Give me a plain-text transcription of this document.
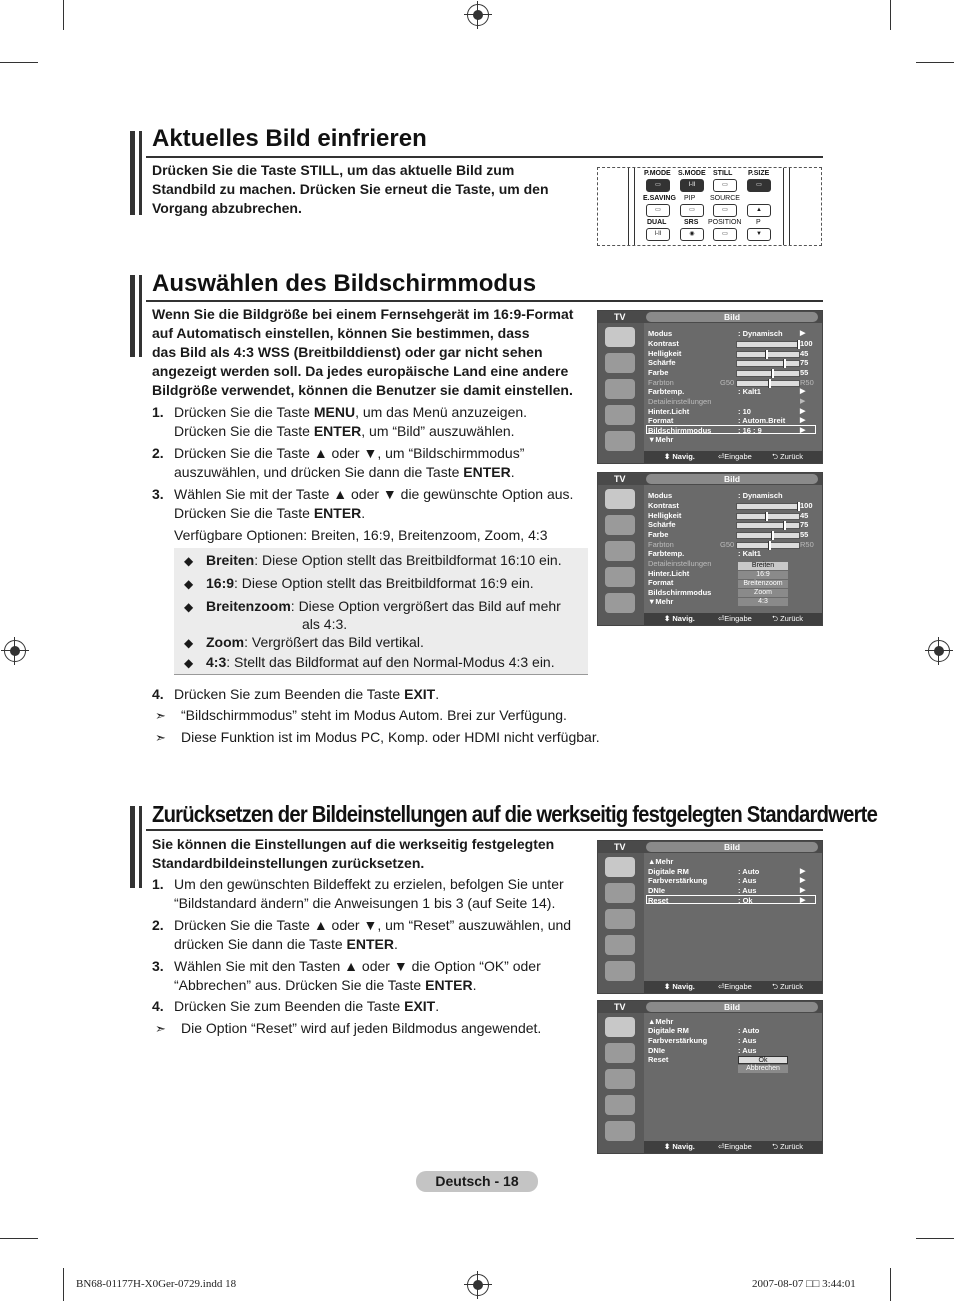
Aktuelles Bild einfrieren
Drücken Sie die Taste STILL, um das aktuelle Bild zum
Standbild zu machen. Drücken Sie erneut die Taste, um den
Vorgang abzubrechen.
P.MODE S.MODE STILL P.SIZE
▭	I-II	▭	▭
E.SAVING PIP SOURCE
▭	▭	▭	▲
DUAL	SRS POSITION P
I-II	◉	▭	▼
Auswählen des Bildschirmmodus
Wenn Sie die Bildgröße bei einem Fernsehgerät im 16:9-Format
auf Automatisch einstellen, können Sie bestimmen, dass
das Bild als 4:3 WSS (Breitbilddienst) oder gar nicht sehen
angezeigt werden soll. Da jedes europäische Land eine andere
Bildgröße verwendet, können die Benutzer sie damit einstellen.
1. Drücken Sie die Taste MENU, um das Menü anzuzeigen.
Drücken Sie die Taste ENTER, um “Bild” auszuwählen.
2. Drücken Sie die Taste ▲ oder ▼, um “Bildschirmmodus”
auszuwählen, und drücken Sie dann die Taste ENTER.
3. Wählen Sie mit der Taste ▲ oder ▼ die gewünschte Option aus.
Drücken Sie die Taste ENTER.
Verfügbare Optionen: Breiten, 16:9, Breitenzoom, Zoom, 4:3
◆ Breiten: Diese Option stellt das Breitbildformat 16:10 ein.
◆ 16:9: Diese Option stellt das Breitbildformat 16:9 ein.
◆ Breitenzoom: Diese Option vergrößert das Bild auf mehr
als 4:3.
◆ Zoom: Vergrößert das Bild vertikal.
◆ 4:3: Stellt das Bildformat auf den Normal-Modus 4:3 ein.
4. Drücken Sie zum Beenden die Taste EXIT.
➣ “Bildschirmmodus” steht im Modus Autom. Brei zur Verfügung.
➣ Diese Funktion ist im Modus PC, Komp. oder HDMI nicht verfügbar.
Zurücksetzen der Bildeinstellungen auf die werkseitig festgelegten Standardwerte
Sie können die Einstellungen auf die werkseitig festgelegten
Standardbildeinstellungen zurücksetzen.
1. Um den gewünschten Bildeffekt zu erzielen, befolgen Sie unter
“Bildstandard ändern” die Anweisungen 1 bis 3 (auf Seite 14).
2. Drücken Sie die Taste ▲ oder ▼, um “Reset” auszuwählen, und
drücken Sie dann die Taste ENTER.
3. Wählen Sie mit den Tasten ▲ oder ▼ die Option “OK” oder
“Abbrechen” aus. Drücken Sie die Taste ENTER.
4. Drücken Sie zum Beenden die Taste EXIT.
➣ Die Option “Reset” wird auf jeden Bildmodus angewendet.
TV	Bild
Modus	: Dynamisch ▶
Kontrast	100
Helligkeit	45
Schärfe	75
Farbe	55
Farbton	G50	R50
Farbtemp.	: Kalt1	▶
Detaileinstellungen	▶
Hinter.Licht	: 10	▶
Format	: Autom.Breit ▶
Bildschirmmodus	: 16 : 9	▶
▼Mehr
⬍ Navig.	⏎Eingabe	⮌ Zurück
TV	Bild
Modus	: Dynamisch
Kontrast	100
Helligkeit	45
Schärfe	75
Farbe	55
Farbton	G50	R50
Farbtemp.	: Kalt1
Detaileinstellungen
Hinter.Licht
Format
Bildschirmmodus
▼Mehr
Breiten
16:9
Breitenzoom
Zoom
4:3
⬍ Navig.	⏎Eingabe	⮌ Zurück
TV	Bild
▲Mehr
Digitale RM	: Auto	▶
Farbverstärkung	: Aus	▶
DNIe	: Aus	▶
Reset	: Ok	▶
⬍ Navig.	⏎Eingabe	⮌ Zurück
TV	Bild
▲Mehr
Digitale RM	: Auto
Farbverstärkung	: Aus
DNIe	: Aus
Reset	Ok
Abbrechen
⬍ Navig.	⏎Eingabe	⮌ Zurück
Deutsch - 18
BN68-01177H-X0Ger-0729.indd 18	2007-08-07 □□ 3:44:01
